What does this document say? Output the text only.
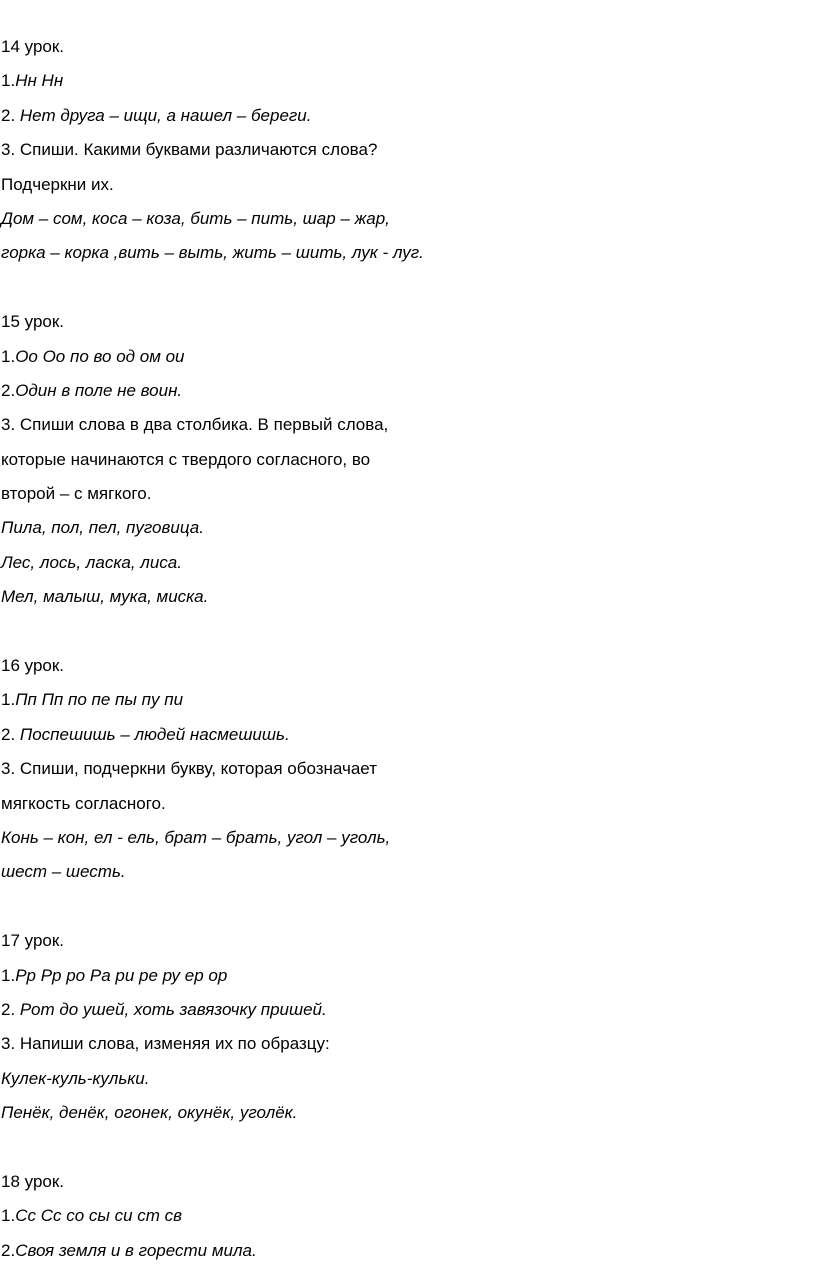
14 урок.
1.Нн Нн
2. Нет друга – ищи, а нашел – береги.
3. Спиши. Какими буквами различаются слова?
Подчеркни их.
Дом – сом, коса – коза, бить – пить, шар – жар,
горка – корка ,вить – выть, жить – шить, лук - луг.
15 урок.
1.Оо Оо по во од ом ои
2.Один в поле не воин.
3. Спиши слова в два столбика. В первый слова,
которые начинаются с твердого согласного, во
второй – с мягкого.
Пила, пол, пел, пуговица.
Лес, лось, ласка, лиса.
Мел, малыш, мука, миска.
16 урок.
1.Пп Пп по пе пы пу пи
2. Поспешишь – людей насмешишь.
3. Спиши, подчеркни букву, которая обозначает
мягкость согласного.
Конь – кон, ел - ель, брат – брать, угол – уголь,
шест – шесть.
17 урок.
1.Рр Рр ро Ра ри ре ру ер ор
2. Рот до ушей, хоть завязочку пришей.
3. Напиши слова, изменяя их по образцу:
Кулек-куль-кульки.
Пенёк, денёк, огонек, окунёк, уголёк.
18 урок.
1.Сс Сс со сы си ст св
2.Своя земля и в горести мила.
